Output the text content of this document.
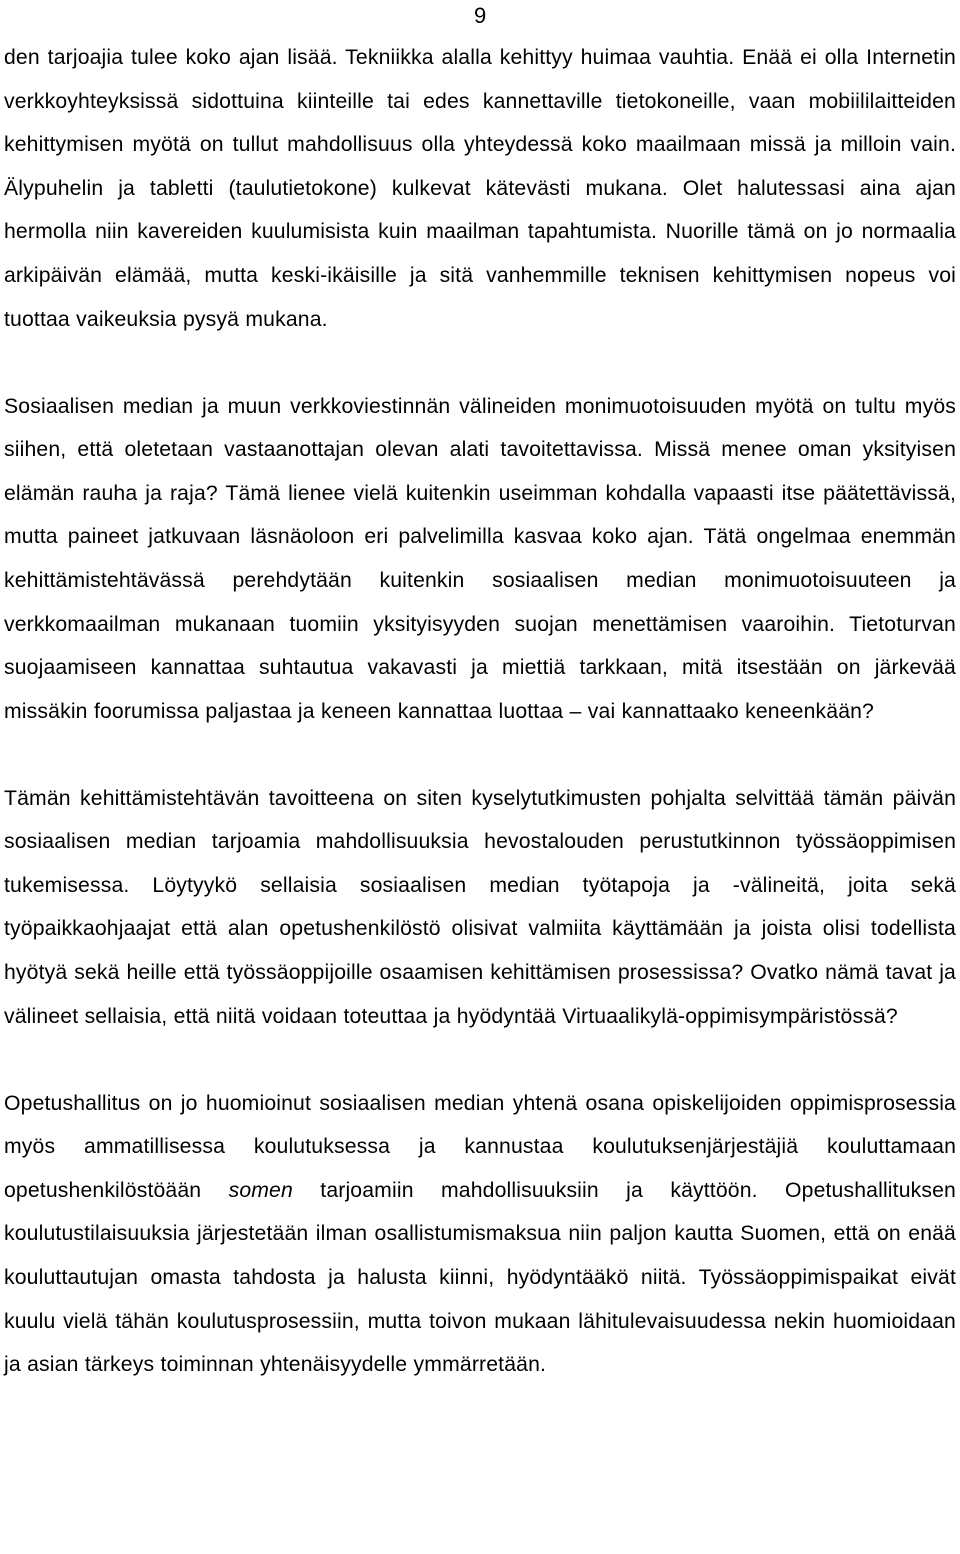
9

den tarjoajia tulee koko ajan lisää. Tekniikka alalla kehittyy huimaa vauhtia. Enää ei olla Internetin verkkoyhteyksissä sidottuina kiinteille tai edes kannettaville tietokoneille, vaan mobiililaitteiden kehittymisen myötä on tullut mahdollisuus olla yhteydessä koko maailmaan missä ja milloin vain. Älypuhelin ja tabletti (taulutietokone) kulkevat kätevästi mukana. Olet halutessasi aina ajan hermolla niin kavereiden kuulumisista kuin maailman tapahtumista. Nuorille tämä on jo normaalia arkipäivän elämää, mutta keski-ikäisille ja sitä vanhemmille teknisen kehittymisen nopeus voi tuottaa vaikeuksia pysyä mukana.

Sosiaalisen median ja muun verkkoviestinnän välineiden monimuotoisuuden myötä on tultu myös siihen, että oletetaan vastaanottajan olevan alati tavoitettavissa. Missä menee oman yksityisen elämän rauha ja raja? Tämä lienee vielä kuitenkin useimman kohdalla vapaasti itse päätettävissä, mutta paineet jatkuvaan läsnäoloon eri palvelimilla kasvaa koko ajan. Tätä ongelmaa enemmän kehittämistehtävässä perehdytään kuitenkin sosiaalisen median monimuotoisuuteen ja verkkomaailman mukanaan tuomiin yksityisyyden suojan menettämisen vaaroihin. Tietoturvan suojaamiseen kannattaa suhtautua vakavasti ja miettiä tarkkaan, mitä itsestään on järkevää missäkin foorumissa paljastaa ja keneen kannattaa luottaa – vai kannattaako keneenkään?

Tämän kehittämistehtävän tavoitteena on siten kyselytutkimusten pohjalta selvittää tämän päivän sosiaalisen median tarjoamia mahdollisuuksia hevostalouden perustutkinnon työssäoppimisen tukemisessa. Löytyykö sellaisia sosiaalisen median työtapoja ja -välineitä, joita sekä työpaikkaohjaajat että alan opetushenkilöstö olisivat valmiita käyttämään ja joista olisi todellista hyötyä sekä heille että työssäoppijoille osaamisen kehittämisen prosessissa? Ovatko nämä tavat ja välineet sellaisia, että niitä voidaan toteuttaa ja hyödyntää Virtuaalikylä-oppimisympäristössä?

Opetushallitus on jo huomioinut sosiaalisen median yhtenä osana opiskelijoiden oppimisprosessia myös ammatillisessa koulutuksessa ja kannustaa koulutuksenjärjestäjiä kouluttamaan opetushenkilöstöään somen tarjoamiin mahdollisuuksiin ja käyttöön. Opetushallituksen koulutustilaisuuksia järjestetään ilman osallistumismaksua niin paljon kautta Suomen, että on enää kouluttautujan omasta tahdosta ja halusta kiinni, hyödyntääkö niitä. Työssäoppimispaikat eivät kuulu vielä tähän koulutusprosessiin, mutta toivon mukaan lähitulevaisuudessa nekin huomioidaan ja asian tärkeys toiminnan yhtenäisyydelle ymmärretään.
